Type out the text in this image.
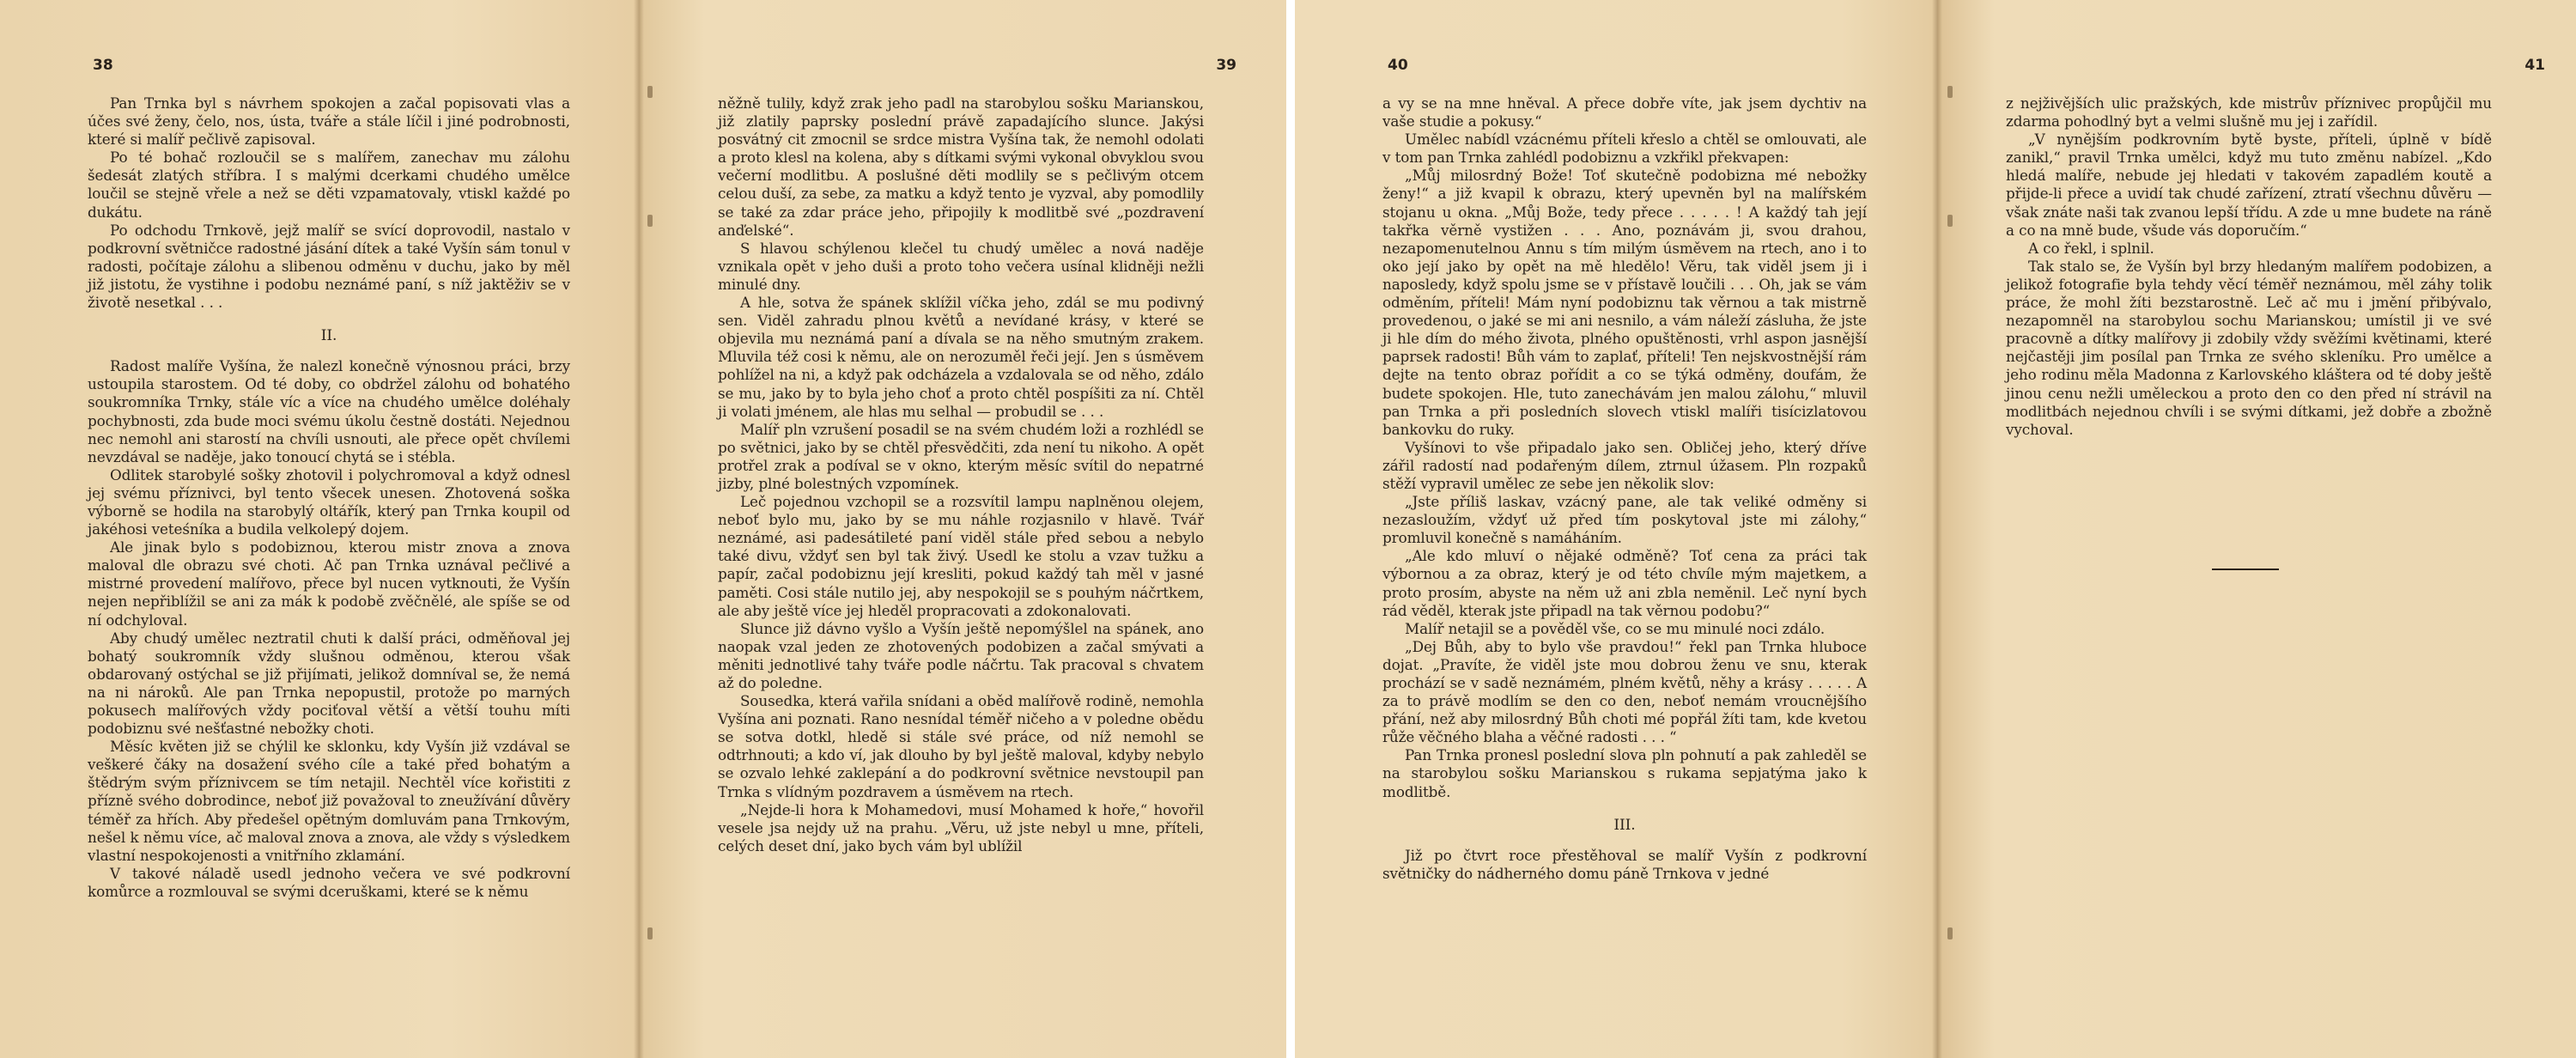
38

Pan Trnka byl s návrhem spokojen a začal popisovati vlas a účes své ženy, čelo, nos, ústa, tváře a stále líčil i jiné podrobnosti, které si malíř pečlivě zapisoval.

Po té bohač rozloučil se s malířem, zanechav mu zálohu šedesát zlatých stříbra. I s malými dcerkami chudého umělce loučil se stejně vřele a než se děti vzpamatovaly, vtiskl každé po dukátu.

Po odchodu Trnkově, jejž malíř se svící doprovodil, nastalo v podkrovní světničce radostné jásání dítek a také Vyšín sám tonul v radosti, počítaje zálohu a slibenou odměnu v duchu, jako by měl již jistotu, že vystihne i podobu neznámé paní, s níž jaktěživ se v životě nesetkal . . .

II.

Radost malíře Vyšína, že nalezl konečně výnosnou práci, brzy ustoupila starostem. Od té doby, co obdržel zálohu od bohatého soukromníka Trnky, stále víc a více na chudého umělce doléhaly pochybnosti, zda bude moci svému úkolu čestně dostáti. Nejednou nec nemohl ani starostí na chvíli usnouti, ale přece opět chvílemi nevzdával se naděje, jako tonoucí chytá se i stébla.

Odlitek starobylé sošky zhotovil i polychromoval a když odnesl jej svému příznivci, byl tento všecek unesen. Zhotovená soška výborně se hodila na starobylý oltářík, který pan Trnka koupil od jakéhosi veteśníka a budila velkolepý dojem.

Ale jinak bylo s podobiznou, kterou mistr znova a znova maloval dle obrazu své choti. Ač pan Trnka uznával pečlivé a mistrné provedení malířovo, přece byl nucen vytknouti, že Vyšín nejen nepřiblížil se ani za mák k podobě zvěčnělé, ale spíše se od ní odchyloval.

Aby chudý umělec neztratil chuti k další práci, odměňoval jej bohatý soukromník vždy slušnou odměnou, kterou však obdarovaný ostýchal se již přijímati, jelikož domníval se, že nemá na ni nároků. Ale pan Trnka nepopustil, protože po marných pokusech malířových vždy pociťoval větší a větší touhu míti podobiznu své nešťastné nebožky choti.

Měsíc květen již se chýlil ke sklonku, kdy Vyšín již vzdával se veškeré čáky na dosažení svého cíle a také před bohatým a štědrým svým příznivcem se tím netajil. Nechtěl více kořistiti z přízně svého dobrodince, neboť již považoval to zneužívání důvěry téměř za hřích. Aby předešel opětným domluvám pana Trnkovým, nešel k němu více, ač maloval znova a znova, ale vždy s výsledkem vlastní nespokojenosti a vnitřního zklamání.

V takové náladě usedl jednoho večera ve své podkrovní komůrce a rozmlouval se svými dceruškami, které se k němu

39

něžně tulily, když zrak jeho padl na starobylou sošku Marianskou, již zlatily paprsky poslední právě zapadajícího slunce. Jakýsi posvátný cit zmocnil se srdce mistra Vyšína tak, že nemohl odolati a proto klesl na kolena, aby s dítkami svými vykonal obvyklou svou večerní modlitbu. A poslušné děti modlily se s pečlivým otcem celou duší, za sebe, za matku a když tento je vyzval, aby pomodlily se také za zdar práce jeho, připojily k modlitbě své „pozdravení anďelské“.

S hlavou schýlenou klečel tu chudý umělec a nová naděje vznikala opět v jeho duši a proto toho večera usínal klidněji nežli minulé dny.

A hle, sotva že spánek sklížil víčka jeho, zdál se mu podivný sen. Viděl zahradu plnou květů a nevídané krásy, v které se objevila mu neznámá paní a dívala se na něho smutným zrakem. Mluvila též cosi k němu, ale on nerozuměl řeči její. Jen s úsměvem pohlížel na ni, a když pak odcházela a vzdalovala se od něho, zdálo se mu, jako by to byla jeho choť a proto chtěl pospíšiti za ní. Chtěl ji volati jménem, ale hlas mu selhal — probudil se . . .

Malíř pln vzrušení posadil se na svém chudém loži a rozhlédl se po světnici, jako by se chtěl přesvědčiti, zda není tu nikoho. A opět protřel zrak a podíval se v okno, kterým měsíc svítil do nepatrné jizby, plné bolestných vzpomínek.

Leč pojednou vzchopil se a rozsvítil lampu naplněnou olejem, neboť bylo mu, jako by se mu náhle rozjasnilo v hlavě. Tvář neznámé, asi padesátileté paní viděl stále před sebou a nebylo také divu, vždyť sen byl tak živý. Usedl ke stolu a vzav tužku a papír, začal podobiznu její kresliti, pokud každý tah měl v jasné paměti. Cosi stále nutilo jej, aby nespokojil se s pouhým náčrtkem, ale aby ještě více jej hleděl propracovati a zdokonalovati.

Slunce již dávno vyšlo a Vyšín ještě nepomýšlel na spánek, ano naopak vzal jeden ze zhotovených podobizen a začal smývati a měniti jednotlivé tahy tváře podle náčrtu. Tak pracoval s chvatem až do poledne.

Sousedka, která vařila snídani a oběd malířově rodině, nemohla Vyšína ani poznati. Rano nesnídal téměř ničeho a v poledne obědu se sotva dotkl, hledě si stále své práce, od níž nemohl se odtrhnouti; a kdo ví, jak dlouho by byl ještě maloval, kdyby nebylo se ozvalo lehké zaklepání a do podkrovní světnice nevstoupil pan Trnka s vlídným pozdravem a úsměvem na rtech.

„Nejde-li hora k Mohamedovi, musí Mohamed k hoře,“ hovořil vesele jsa nejdy už na prahu. „Věru, už jste nebyl u mne, příteli, celých deset dní, jako bych vám byl ublížil

40

a vy se na mne hněval. A přece dobře víte, jak jsem dychtiv na vaše studie a pokusy.“

Umělec nabídl vzácnému příteli křeslo a chtěl se omlouvati, ale v tom pan Trnka zahlédl podobiznu a vzkřikl překvapen:

„Můj milosrdný Bože! Toť skutečně podobizna mé nebožky ženy!“ a již kvapil k obrazu, který upevněn byl na malířském stojanu u okna. „Můj Bože, tedy přece . . . . . ! A každý tah její takřka věrně vystižen . . . Ano, poznávám ji, svou drahou, nezapomenutelnou Annu s tím milým úsměvem na rtech, ano i to oko její jako by opět na mě hledělo! Věru, tak viděl jsem ji i naposledy, když spolu jsme se v přístavě loučili . . . Oh, jak se vám odměním, příteli! Mám nyní podobiznu tak věrnou a tak mistrně provedenou, o jaké se mi ani nesnilo, a vám náleží zásluha, že jste ji hle dím do mého života, plného opuštěnosti, vrhl aspon jasnější paprsek radosti! Bůh vám to zaplať, příteli! Ten nejskvostnější rám dejte na tento obraz pořídit a co se týká odměny, doufám, že budete spokojen. Hle, tuto zanechávám jen malou zálohu,“ mluvil pan Trnka a při posledních slovech vtiskl malíři tisícizlatovou bankovku do ruky.

Vyšínovi to vše připadalo jako sen. Obličej jeho, který dříve zářil radostí nad podařeným dílem, ztrnul úžasem. Pln rozpaků stěží vypravil umělec ze sebe jen několik slov:

„Jste příliš laskav, vzácný pane, ale tak veliké odměny si nezasloužím, vždyť už před tím poskytoval jste mi zálohy,“ promluvil konečně s namáháním.

„Ale kdo mluví o nějaké odměně? Toť cena za práci tak výbornou a za obraz, který je od této chvíle mým majetkem, a proto prosím, abyste na něm už ani zbla neměnil. Leč nyní bych rád věděl, kterak jste připadl na tak věrnou podobu?“

Malíř netajil se a pověděl vše, co se mu minulé noci zdálo.

„Dej Bůh, aby to bylo vše pravdou!“ řekl pan Trnka hluboce dojat. „Pravíte, že viděl jste mou dobrou ženu ve snu, kterak prochází se v sadě neznámém, plném květů, něhy a krásy . . . . . A za to právě modlím se den co den, neboť nemám vroucnějšího přání, než aby milosrdný Bůh choti mé popřál žíti tam, kde kvetou růže věčného blaha a věčné radosti . . . “

Pan Trnka pronesl poslední slova pln pohnutí a pak zahleděl se na starobylou sošku Marianskou s rukama sepjatýma jako k modlitbě.

III.

Již po čtvrt roce přestěhoval se malíř Vyšín z podkrovní světničky do nádherného domu páně Trnkova v jedné

41

z nejživějších ulic pražských, kde mistrův příznivec propůjčil mu zdarma pohodlný byt a velmi slušně mu jej i zařídil.

„V nynějším podkrovním bytě byste, příteli, úplně v bídě zanikl,“ pravil Trnka umělci, když mu tuto změnu nabízel. „Kdo hledá malíře, nebude jej hledati v takovém zapadlém koutě a přijde-li přece a uvidí tak chudé zařízení, ztratí všechnu důvěru — však znáte naši tak zvanou lepší třídu. A zde u mne budete na ráně a co na mně bude, všude vás doporučím.“

A co řekl, i splnil.

Tak stalo se, že Vyšín byl brzy hledaným malířem podobizen, a jelikož fotografie byla tehdy věcí téměř neznámou, měl záhy tolik práce, že mohl žíti bezstarostně. Leč ač mu i jmění přibývalo, nezapomněl na starobylou sochu Marianskou; umístil ji ve své pracovně a dítky malířovy ji zdobily vždy svěžími květinami, které nejčastěji jim posílal pan Trnka ze svého skleníku. Pro umělce a jeho rodinu měla Madonna z Karlovského kláštera od té doby ještě jinou cenu nežli uměleckou a proto den co den před ní strávil na modlitbách nejednou chvíli i se svými dítkami, jež dobře a zbožně vychoval.
